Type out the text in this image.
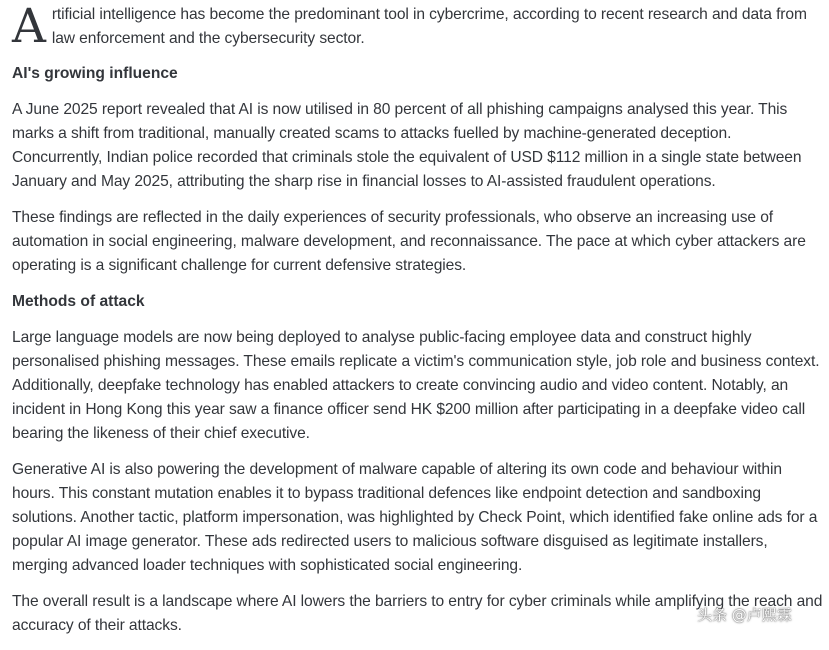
Artificial intelligence has become the predominant tool in cybercrime, according to recent research and data from law enforcement and the cybersecurity sector.

AI's growing influence

A June 2025 report revealed that AI is now utilised in 80 percent of all phishing campaigns analysed this year. This marks a shift from traditional, manually created scams to attacks fuelled by machine-generated deception. Concurrently, Indian police recorded that criminals stole the equivalent of USD $112 million in a single state between January and May 2025, attributing the sharp rise in financial losses to AI-assisted fraudulent operations.

These findings are reflected in the daily experiences of security professionals, who observe an increasing use of automation in social engineering, malware development, and reconnaissance. The pace at which cyber attackers are operating is a significant challenge for current defensive strategies.

Methods of attack

Large language models are now being deployed to analyse public-facing employee data and construct highly personalised phishing messages. These emails replicate a victim's communication style, job role and business context. Additionally, deepfake technology has enabled attackers to create convincing audio and video content. Notably, an incident in Hong Kong this year saw a finance officer send HK $200 million after participating in a deepfake video call bearing the likeness of their chief executive.

Generative AI is also powering the development of malware capable of altering its own code and behaviour within hours. This constant mutation enables it to bypass traditional defences like endpoint detection and sandboxing solutions. Another tactic, platform impersonation, was highlighted by Check Point, which identified fake online ads for a popular AI image generator. These ads redirected users to malicious software disguised as legitimate installers, merging advanced loader techniques with sophisticated social engineering.

The overall result is a landscape where AI lowers the barriers to entry for cyber criminals while amplifying the reach and accuracy of their attacks.

头条 @卢熙霖
